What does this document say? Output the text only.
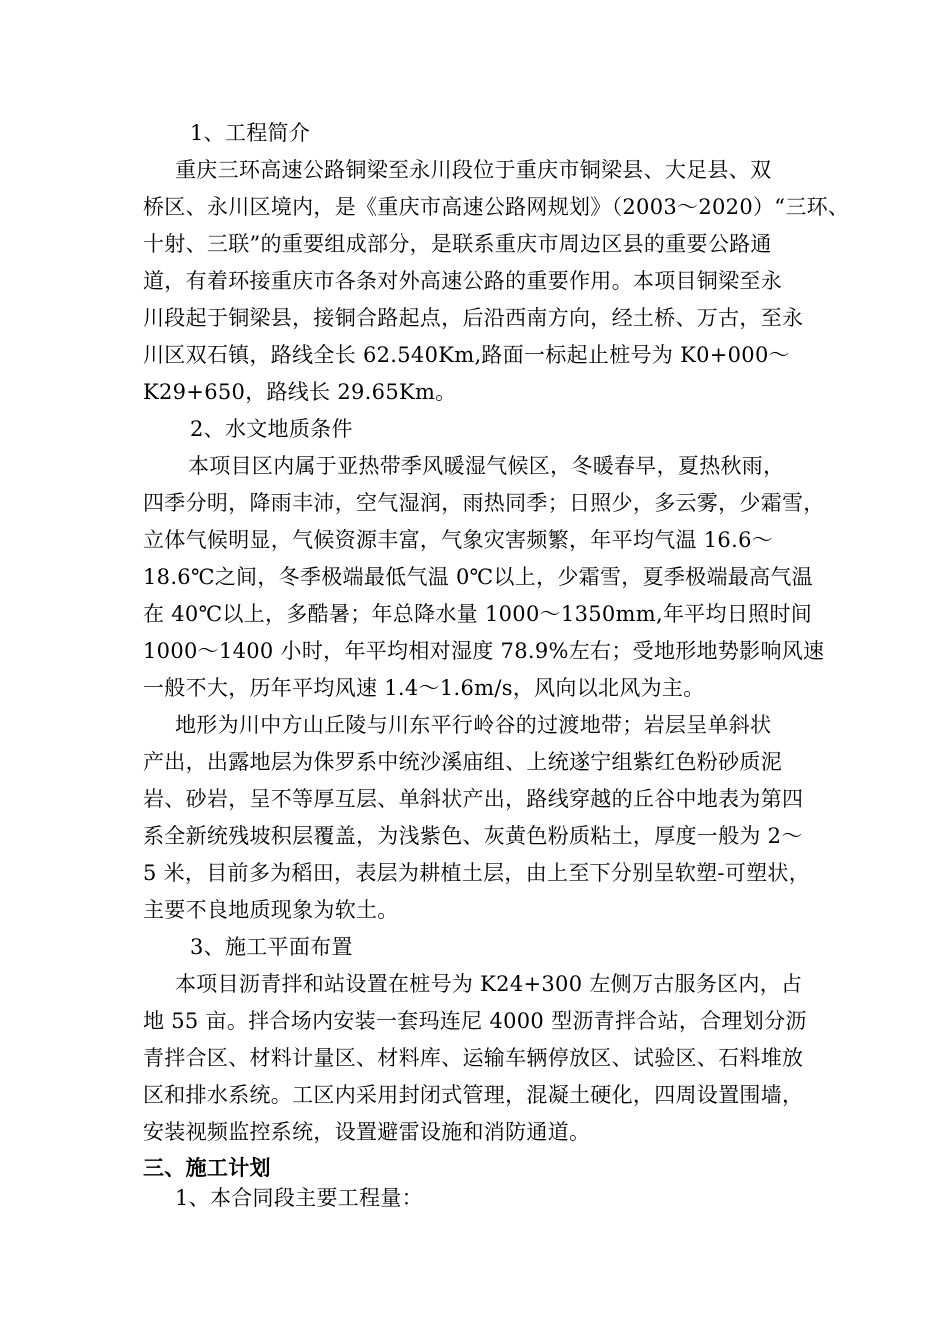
1、工程简介
重庆三环高速公路铜梁至永川段位于重庆市铜梁县、大足县、双
桥区、永川区境内，是《重庆市高速公路网规划》（2003～2020）“三环、
十射、三联”的重要组成部分，是联系重庆市周边区县的重要公路通
道，有着环接重庆市各条对外高速公路的重要作用。本项目铜梁至永
川段起于铜梁县，接铜合路起点，后沿西南方向，经土桥、万古，至永
川区双石镇，路线全长 62.540Km,路面一标起止桩号为 K0+000～
K29+650，路线长 29.65Km。
2、水文地质条件
本项目区内属于亚热带季风暖湿气候区，冬暖春早，夏热秋雨，
四季分明，降雨丰沛，空气湿润，雨热同季；日照少，多云雾，少霜雪，
立体气候明显，气候资源丰富，气象灾害频繁，年平均气温 16.6～
18.6℃之间，冬季极端最低气温 0℃以上，少霜雪，夏季极端最高气温
在 40℃以上，多酷暑；年总降水量 1000～1350mm,年平均日照时间
1000～1400 小时，年平均相对湿度 78.9%左右；受地形地势影响风速
一般不大，历年平均风速 1.4～1.6m/s，风向以北风为主。
地形为川中方山丘陵与川东平行岭谷的过渡地带；岩层呈单斜状
产出，出露地层为侏罗系中统沙溪庙组、上统遂宁组紫红色粉砂质泥
岩、砂岩，呈不等厚互层、单斜状产出，路线穿越的丘谷中地表为第四
系全新统残坡积层覆盖，为浅紫色、灰黄色粉质粘土，厚度一般为 2～
5 米，目前多为稻田，表层为耕植土层，由上至下分别呈软塑-可塑状，
主要不良地质现象为软土。
3、施工平面布置
本项目沥青拌和站设置在桩号为 K24+300 左侧万古服务区内，占
地 55 亩。拌合场内安装一套玛连尼 4000 型沥青拌合站，合理划分沥
青拌合区、材料计量区、材料库、运输车辆停放区、试验区、石料堆放
区和排水系统。工区内采用封闭式管理，混凝土硬化，四周设置围墙，
安装视频监控系统，设置避雷设施和消防通道。
三、施工计划
1、本合同段主要工程量：
